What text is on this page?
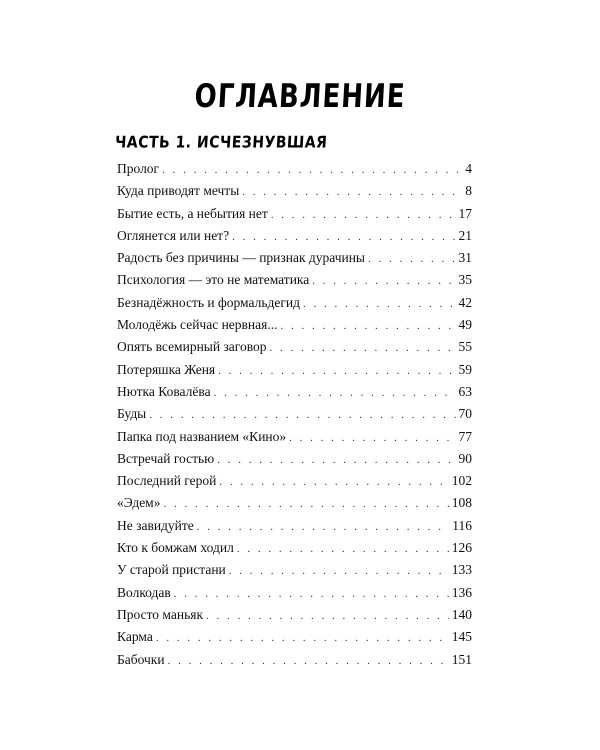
ОГЛАВЛЕНИЕ
ЧАСТЬ 1. ИСЧЕЗНУВШАЯ
Пролог . . .	4
Куда приводят мечты . . .	8
Бытие есть, а небытия нет . . .	17
Оглянется или нет? . . .	21
Радость без причины — признак дурачины . . .	31
Психология — это не математика . . .	35
Безнадёжность и формальдегид . . .	42
Молодёжь сейчас нервная... . . .	49
Опять всемирный заговор . . .	55
Потеряшка Женя . . .	59
Нютка Ковалёва . . .	63
Буды . . .	70
Папка под названием «Кино» . . .	77
Встречай гостью . . .	90
Последний герой . . .	102
«Эдем» . . .	108
Не завидуйте . . .	116
Кто к бомжам ходил . . .	126
У старой пристани . . .	133
Волкодав . . .	136
Просто маньяк . . .	140
Карма . . .	145
Бабочки . . .	151
